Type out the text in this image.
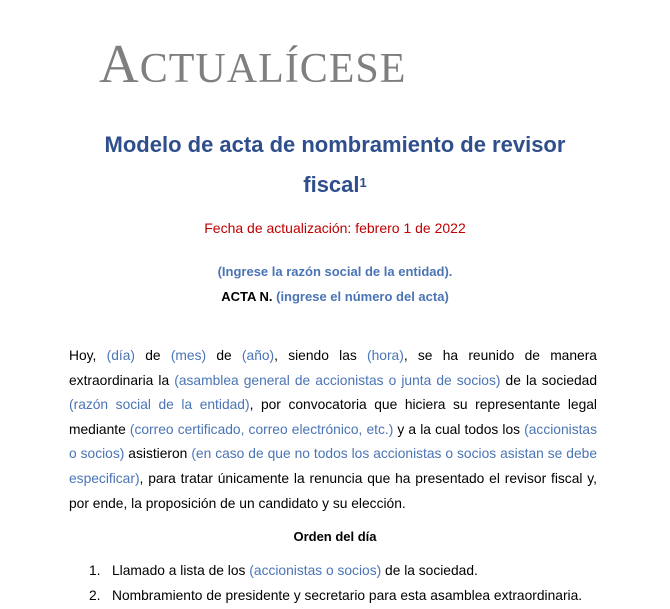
ACTUALÍCESE
Modelo de acta de nombramiento de revisor
fiscal$^1$
Fecha de actualización: febrero 1 de 2022
(Ingrese la razón social de la entidad).
ACTA N. (ingrese el número del acta)
Hoy, (día) de (mes) de (año), siendo las (hora), se ha reunido de manera extraordinaria la (asamblea general de accionistas o junta de socios) de la sociedad (razón social de la entidad), por convocatoria que hiciera su representante legal mediante (correo certificado, correo electrónico, etc.) y a la cual todos los (accionistas o socios) asistieron (en caso de que no todos los accionistas o socios asistan se debe especificar), para tratar únicamente la renuncia que ha presentado el revisor fiscal y, por ende, la proposición de un candidato y su elección.
Orden del día
1. Llamado a lista de los (accionistas o socios) de la sociedad.
2. Nombramiento de presidente y secretario para esta asamblea extraordinaria.
